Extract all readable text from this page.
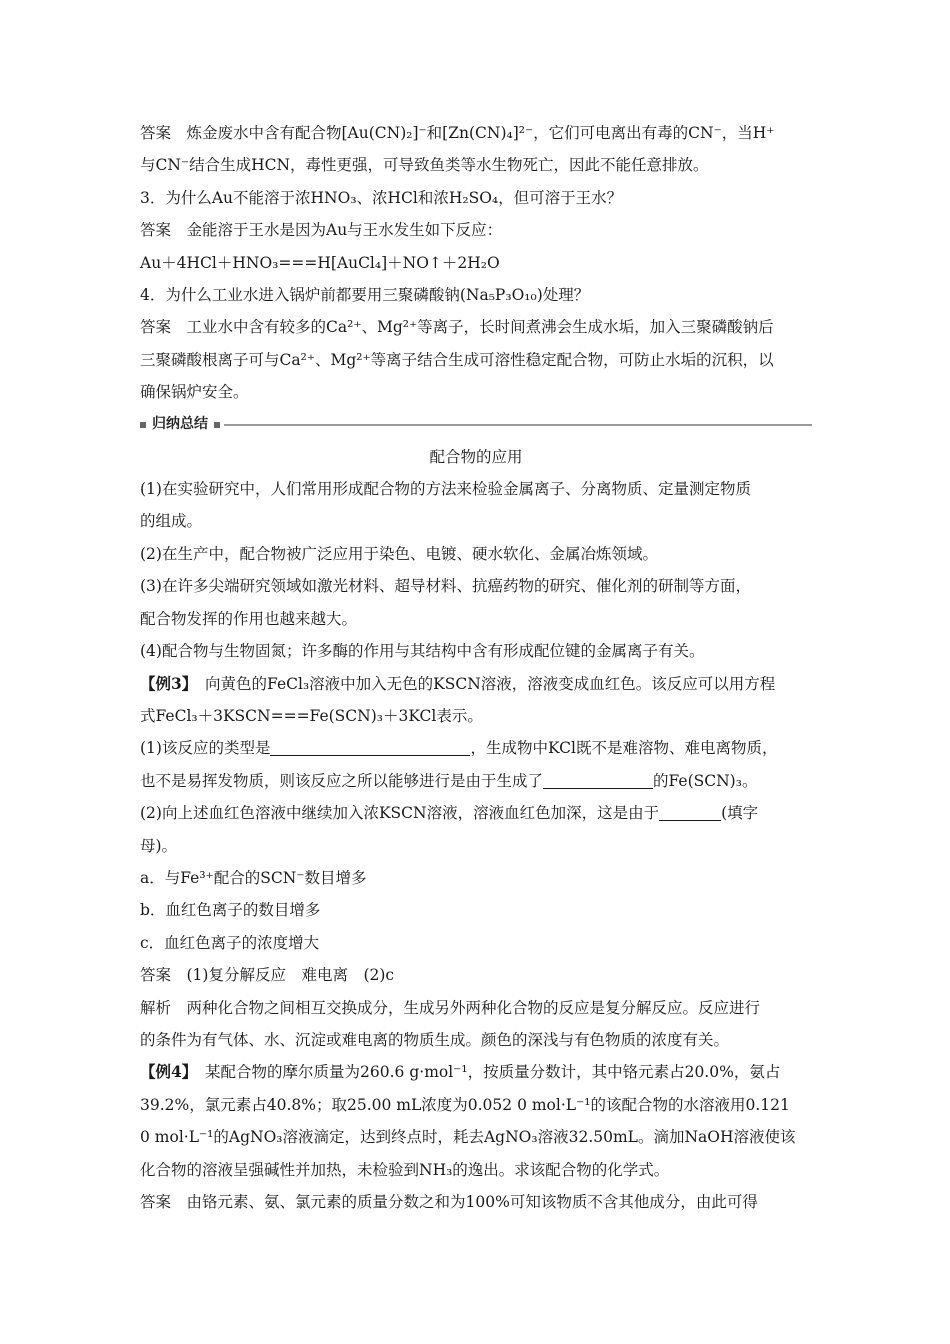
答案　炼金废水中含有配合物[Au(CN)₂]⁻和[Zn(CN)₄]²⁻，它们可电离出有毒的CN⁻，当H⁺

与CN⁻结合生成HCN，毒性更强，可导致鱼类等水生物死亡，因此不能任意排放。

3．为什么Au不能溶于浓HNO₃、浓HCl和浓H₂SO₄，但可溶于王水？

答案　金能溶于王水是因为Au与王水发生如下反应：

Au＋4HCl＋HNO₃===H[AuCl₄]＋NO↑＋2H₂O

4．为什么工业水进入锅炉前都要用三聚磷酸钠(Na₅P₃O₁₀)处理？

答案　工业水中含有较多的Ca²⁺、Mg²⁺等离子，长时间煮沸会生成水垢，加入三聚磷酸钠后

三聚磷酸根离子可与Ca²⁺、Mg²⁺等离子结合生成可溶性稳定配合物，可防止水垢的沉积，以

确保锅炉安全。

归纳总结

配合物的应用

(1)在实验研究中，人们常用形成配合物的方法来检验金属离子、分离物质、定量测定物质

的组成。

(2)在生产中，配合物被广泛应用于染色、电镀、硬水软化、金属冶炼领域。

(3)在许多尖端研究领域如激光材料、超导材料、抗癌药物的研究、催化剂的研制等方面，

配合物发挥的作用也越来越大。

(4)配合物与生物固氮；许多酶的作用与其结构中含有形成配位键的金属离子有关。

【例3】　向黄色的FeCl₃溶液中加入无色的KSCN溶液，溶液变成血红色。该反应可以用方程

式FeCl₃＋3KSCN===Fe(SCN)₃＋3KCl表示。

(1)该反应的类型是	，生成物中KCl既不是难溶物、难电离物质，

也不是易挥发物质，则该反应之所以能够进行是由于生成了	的Fe(SCN)₃。

(2)向上述血红色溶液中继续加入浓KSCN溶液，溶液血红色加深，这是由于	(填字

母)。

a．与Fe³⁺配合的SCN⁻数目增多

b．血红色离子的数目增多

c．血红色离子的浓度增大

答案　(1)复分解反应　难电离　(2)c

解析　两种化合物之间相互交换成分，生成另外两种化合物的反应是复分解反应。反应进行

的条件为有气体、水、沉淀或难电离的物质生成。颜色的深浅与有色物质的浓度有关。

【例4】　某配合物的摩尔质量为260.6 g·mol⁻¹，按质量分数计，其中铬元素占20.0%，氨占

39.2%，氯元素占40.8%；取25.00 mL浓度为0.052 0 mol·L⁻¹的该配合物的水溶液用0.121

0 mol·L⁻¹的AgNO₃溶液滴定，达到终点时，耗去AgNO₃溶液32.50mL。滴加NaOH溶液使该

化合物的溶液呈强碱性并加热，未检验到NH₃的逸出。求该配合物的化学式。

答案　由铬元素、氨、氯元素的质量分数之和为100%可知该物质不含其他成分，由此可得
